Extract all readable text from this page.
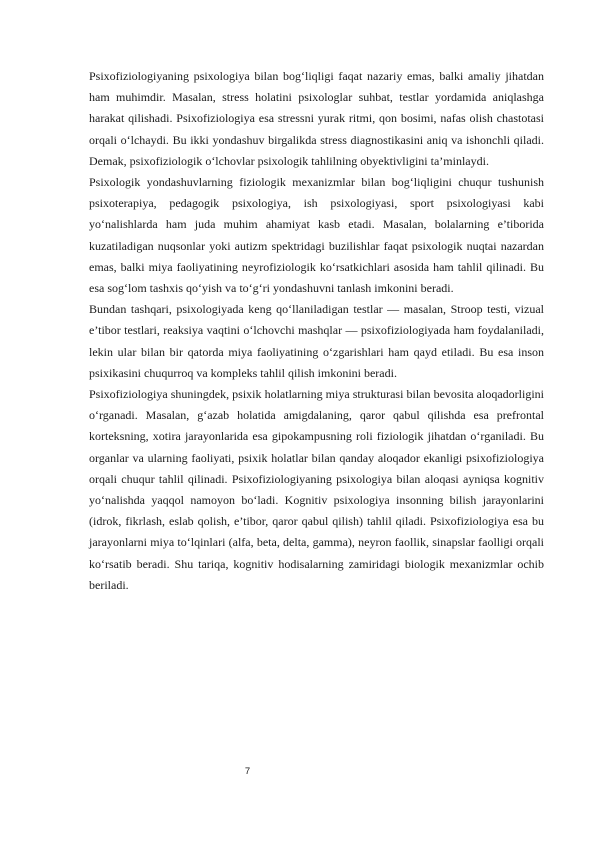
Psixofiziologiyaning psixologiya bilan bog‘liqligi faqat nazariy emas, balki amaliy jihatdan ham muhimdir. Masalan, stress holatini psixologlar suhbat, testlar yordamida aniqlashga harakat qilishadi. Psixofiziologiya esa stressni yurak ritmi, qon bosimi, nafas olish chastotasi orqali o‘lchaydi. Bu ikki yondashuv birgalikda stress diagnostikasini aniq va ishonchli qiladi. Demak, psixofiziologik o‘lchovlar psixologik tahlilning obyektivligini ta’minlaydi.

Psixologik yondashuvlarning fiziologik mexanizmlar bilan bog‘liqligini chuqur tushunish psixoterapiya, pedagogik psixologiya, ish psixologiyasi, sport psixologiyasi kabi yo‘nalishlarda ham juda muhim ahamiyat kasb etadi. Masalan, bolalarning e’tiborida kuzatiladigan nuqsonlar yoki autizm spektridagi buzilishlar faqat psixologik nuqtai nazardan emas, balki miya faoliyatining neyrofiziologik ko‘rsatkichlari asosida ham tahlil qilinadi. Bu esa sog‘lom tashxis qo‘yish va to‘g‘ri yondashuvni tanlash imkonini beradi.

Bundan tashqari, psixologiyada keng qo‘llaniladigan testlar — masalan, Stroop testi, vizual e’tibor testlari, reaksiya vaqtini o‘lchovchi mashqlar — psixofiziologiyada ham foydalaniladi, lekin ular bilan bir qatorda miya faoliyatining o‘zgarishlari ham qayd etiladi. Bu esa inson psixikasini chuqurroq va kompleks tahlil qilish imkonini beradi.

Psixofiziologiya shuningdek, psixik holatlarning miya strukturasi bilan bevosita aloqadorligini o‘rganadi. Masalan, g‘azab holatida amigdalaning, qaror qabul qilishda esa prefrontal korteksning, xotira jarayonlarida esa gipokampusning roli fiziologik jihatdan o‘rganiladi. Bu organlar va ularning faoliyati, psixik holatlar bilan qanday aloqador ekanligi psixofiziologiya orqali chuqur tahlil qilinadi. Psixofiziologiyaning psixologiya bilan aloqasi ayniqsa kognitiv yo‘nalishda yaqqol namoyon bo‘ladi. Kognitiv psixologiya insonning bilish jarayonlarini (idrok, fikrlash, eslab qolish, e’tibor, qaror qabul qilish) tahlil qiladi. Psixofiziologiya esa bu jarayonlarni miya to‘lqinlari (alfa, beta, delta, gamma), neyron faollik, sinapslar faolligi orqali ko‘rsatib beradi. Shu tariqa, kognitiv hodisalarning zamiridagi biologik mexanizmlar ochib beriladi.

7
